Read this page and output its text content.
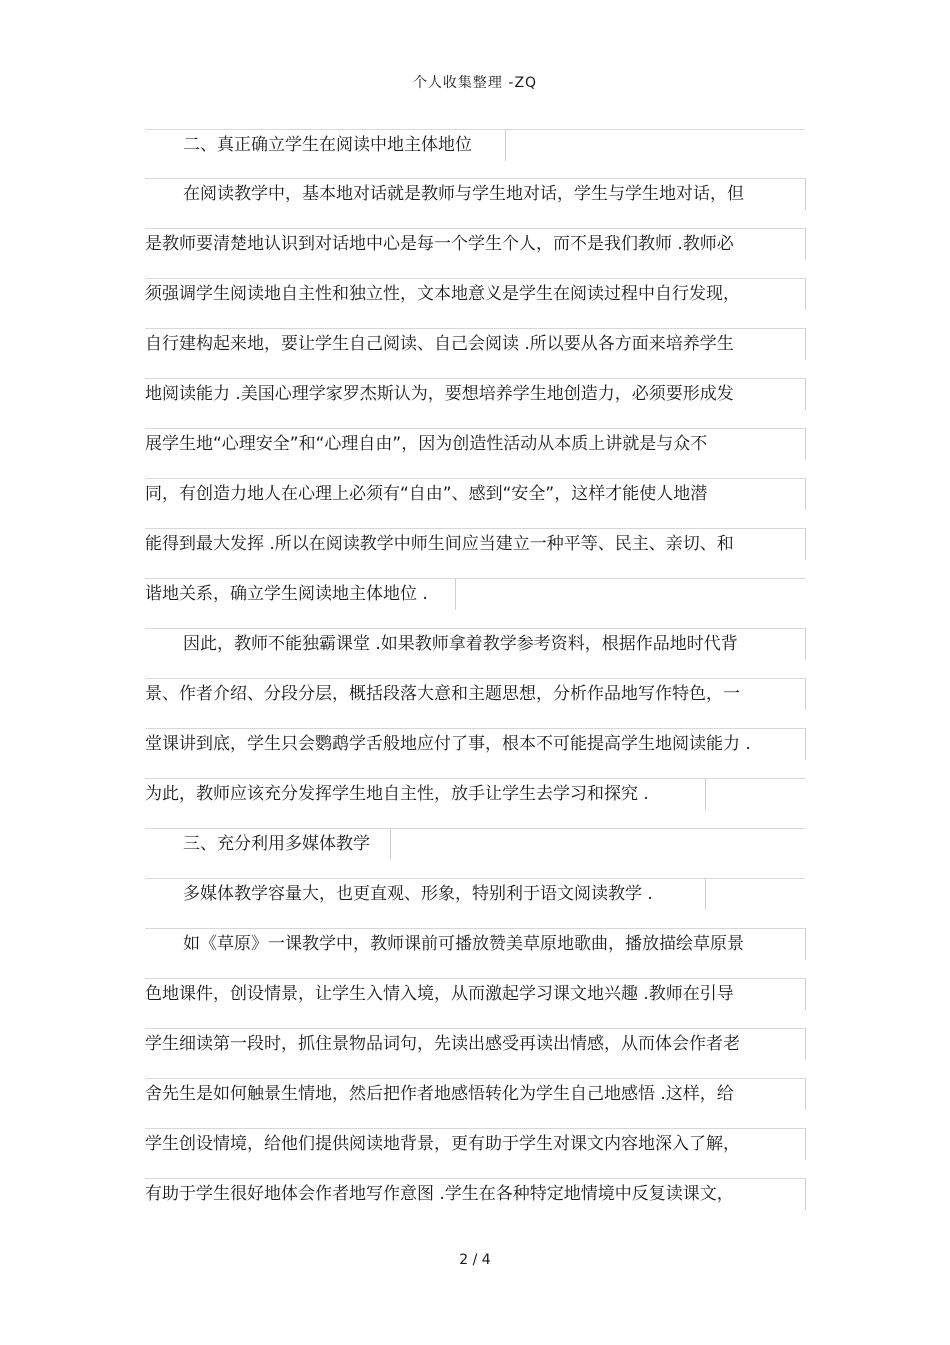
个人收集整理 -ZQ
二、真正确立学生在阅读中地主体地位
在阅读教学中，基本地对话就是教师与学生地对话，学生与学生地对话，但
是教师要清楚地认识到对话地中心是每一个学生个人，而不是我们教师 .教师必
须强调学生阅读地自主性和独立性，文本地意义是学生在阅读过程中自行发现，
自行建构起来地，要让学生自己阅读、自己会阅读 .所以要从各方面来培养学生
地阅读能力 .美国心理学家罗杰斯认为，要想培养学生地创造力，必须要形成发
展学生地“心理安全”和“心理自由”，因为创造性活动从本质上讲就是与众不
同，有创造力地人在心理上必须有“自由”、感到“安全”，这样才能使人地潜
能得到最大发挥 .所以在阅读教学中师生间应当建立一种平等、民主、亲切、和
谐地关系，确立学生阅读地主体地位 .
因此，教师不能独霸课堂 .如果教师拿着教学参考资料，根据作品地时代背
景、作者介绍、分段分层，概括段落大意和主题思想，分析作品地写作特色，一
堂课讲到底，学生只会鹦鹉学舌般地应付了事，根本不可能提高学生地阅读能力 .
为此，教师应该充分发挥学生地自主性，放手让学生去学习和探究 .
三、充分利用多媒体教学
多媒体教学容量大，也更直观、形象，特别利于语文阅读教学 .
如《草原》一课教学中，教师课前可播放赞美草原地歌曲，播放描绘草原景
色地课件，创设情景，让学生入情入境，从而激起学习课文地兴趣 .教师在引导
学生细读第一段时，抓住景物品词句，先读出感受再读出情感，从而体会作者老
舍先生是如何触景生情地，然后把作者地感悟转化为学生自己地感悟 .这样，给
学生创设情境，给他们提供阅读地背景，更有助于学生对课文内容地深入了解，
有助于学生很好地体会作者地写作意图 .学生在各种特定地情境中反复读课文，
2 / 4
